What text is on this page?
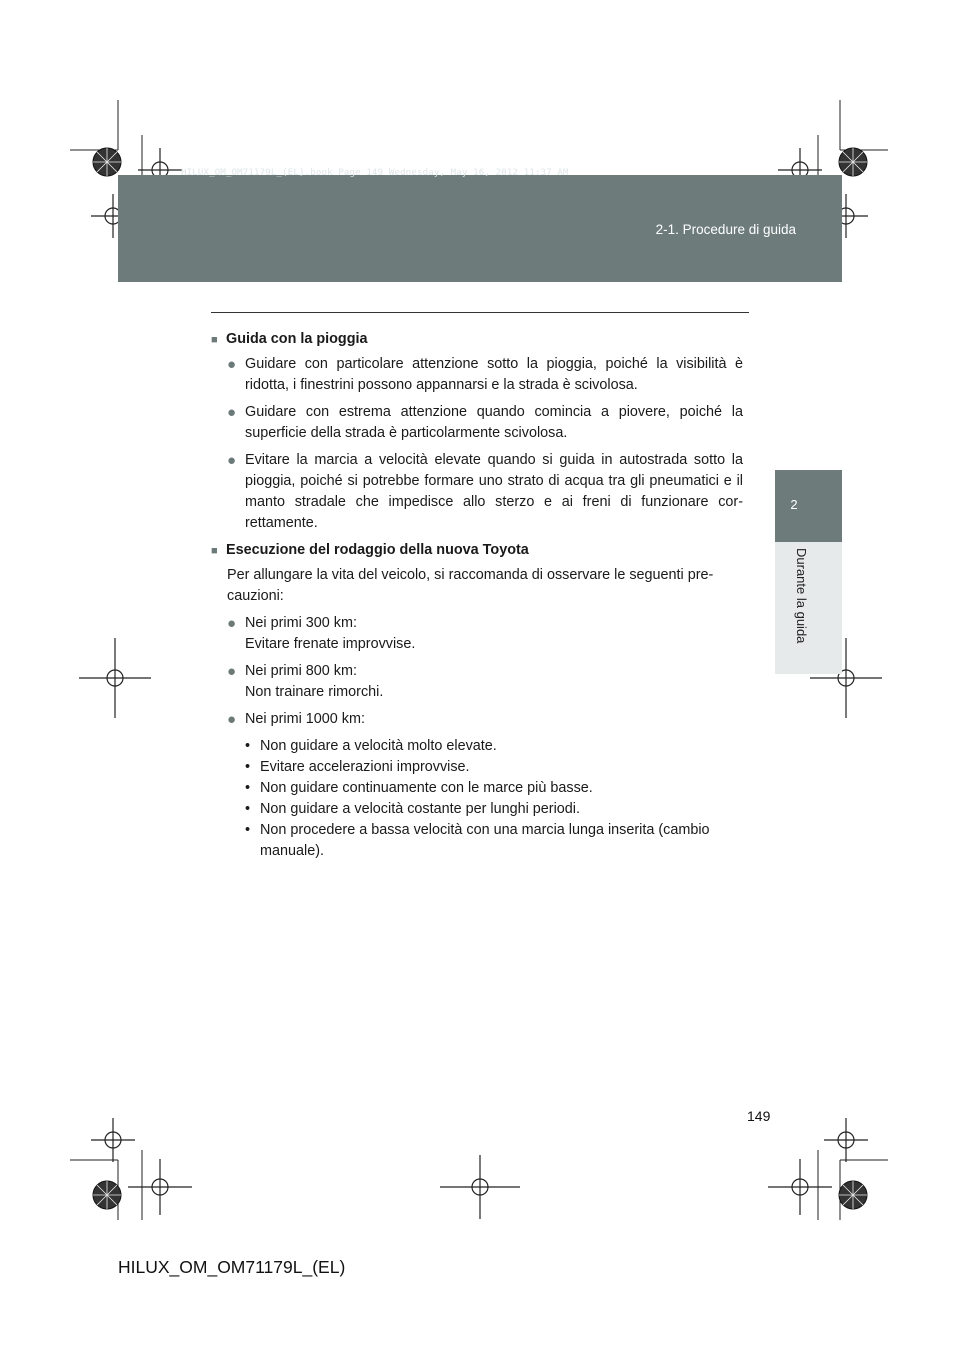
HILUX_OM_OM71179L_(EL).book Page 149 Wednesday, May 16, 2012 11:37 AM
2-1. Procedure di guida
2
Durante la guida
■ Guida con la pioggia
● Guidare con particolare attenzione sotto la pioggia, poiché la visibilità è ridotta, i finestrini possono appannarsi e la strada è scivolosa.
● Guidare con estrema attenzione quando comincia a piovere, poiché la superficie della strada è particolarmente scivolosa.
● Evitare la marcia a velocità elevate quando si guida in autostrada sotto la pioggia, poiché si potrebbe formare uno strato di acqua tra gli pneumatici e il manto stradale che impedisce allo sterzo e ai freni di funzionare cor-rettamente.
■ Esecuzione del rodaggio della nuova Toyota
Per allungare la vita del veicolo, si raccomanda di osservare le seguenti pre-cauzioni:
● Nei primi 300 km:
Evitare frenate improvvise.
● Nei primi 800 km:
Non trainare rimorchi.
● Nei primi 1000 km:
• Non guidare a velocità molto elevate.
• Evitare accelerazioni improvvise.
• Non guidare continuamente con le marce più basse.
• Non guidare a velocità costante per lunghi periodi.
• Non procedere a bassa velocità con una marcia lunga inserita (cambio manuale).
149
HILUX_OM_OM71179L_(EL)
